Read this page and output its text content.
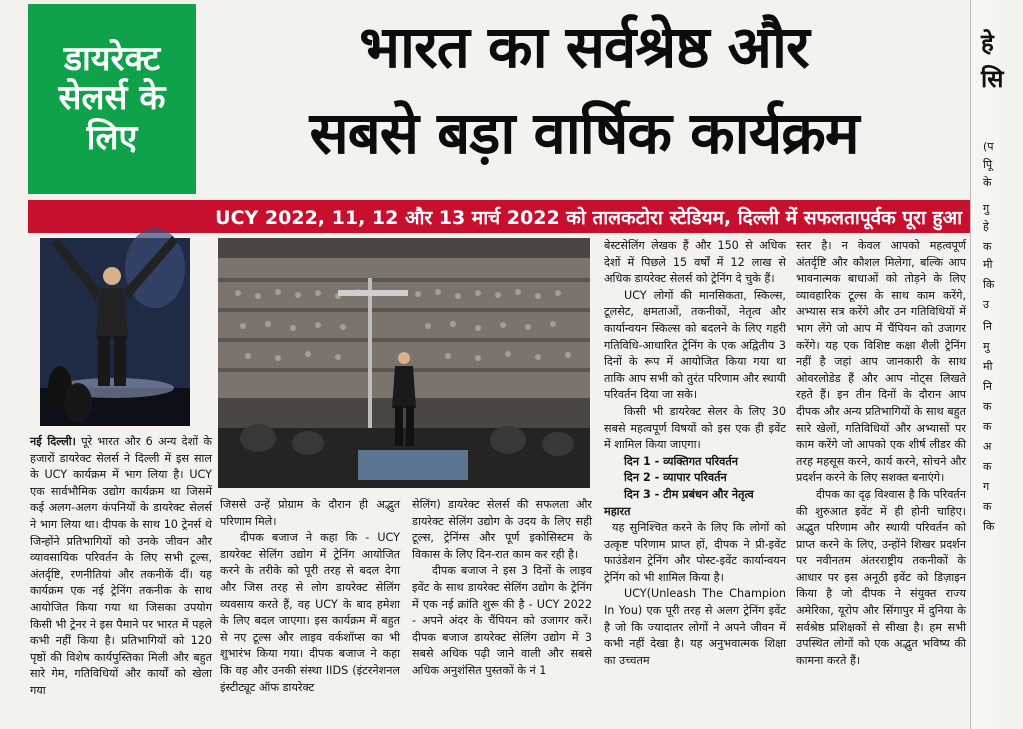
डायरेक्ट
सेलर्स के
लिए
भारत का सर्वश्रेष्ठ और
सबसे बड़ा वार्षिक कार्यक्रम
हे
सि
(प
पूि
के
गु
हे
क
मी
कि
उ
नि
मु
मी
नि
क
क
अ
क
ग
क
कि
UCY 2022, 11, 12 और 13 मार्च 2022 को तालकटोरा स्टेडियम, दिल्ली में सफलतापूर्वक पूरा हुआ

नई दिल्ली। पूरे भारत और 6 अन्य देशों के हजारों डायरेक्ट सेलर्स ने दिल्ली में इस साल के UCY कार्यक्रम में भाग लिया है। UCY एक सार्वभौमिक उद्योग कार्यक्रम था जिसमें कई अलग-अलग कंपनियों के डायरेक्ट सेलर्स ने भाग लिया था। दीपक के साथ 10 ट्रेनर्स थे जिन्होंने प्रतिभागियों को उनके जीवन और व्यावसायिक परिवर्तन के लिए सभी टूल्स, अंतर्दृष्टि, रणनीतियां और तकनीकें दीं। यह कार्यक्रम एक नई ट्रेनिंग तकनीक के साथ आयोजित किया गया था जिसका उपयोग किसी भी ट्रेनर ने इस पैमाने पर भारत में पहले कभी नहीं किया है। प्रतिभागियों को 120 पृष्ठों की विशेष कार्यपुस्तिका मिली और बहुत सारे गेम, गतिविधियों और कार्यों को खेला गया

जिससे उन्हें प्रोग्राम के दौरान ही अद्भुत परिणाम मिले।

दीपक बजाज ने कहा कि - UCY डायरेक्ट सेलिंग उद्योग में ट्रेनिंग आयोजित करने के तरीके को पूरी तरह से बदल देगा और जिस तरह से लोग डायरेक्ट सेलिंग व्यवसाय करते हैं, वह UCY के बाद हमेशा के लिए बदल जाएगा। इस कार्यक्रम में बहुत से नए टूल्स और लाइव वर्कशॉप्स का भी शुभारंभ किया गया। दीपक बजाज ने कहा कि वह और उनकी संस्था IIDS (इंटरनेशनल इंस्टीट्यूट ऑफ डायरेक्ट

सेलिंग) डायरेक्ट सेलर्स की सफलता और डायरेक्ट सेलिंग उद्योग के उदय के लिए सही टूल्स, ट्रेनिंग्स और पूर्ण इकोसिस्टम के विकास के लिए दिन-रात काम कर रही है।

दीपक बजाज ने इस 3 दिनों के लाइव इवेंट के साथ डायरेक्ट सेलिंग उद्योग के ट्रेनिंग में एक नई क्रांति शुरू की है - UCY 2022 - अपने अंदर के चैंपियन को उजागर करें। दीपक बजाज डायरेक्ट सेलिंग उद्योग में 3 सबसे अधिक पढ़ी जाने वाली और सबसे अधिक अनुशंसित पुस्तकों के नं 1

बेस्टसेलिंग लेखक हैं और 150 से अधिक देशों में पिछले 15 वर्षों में 12 लाख से अधिक डायरेक्ट सेलर्स को ट्रेनिंग दे चुके हैं।

UCY लोगों की मानसिकता, स्किल्स, टूलसेट, क्षमताओं, तकनीकों, नेतृत्व और कार्यान्वयन स्किल्स को बदलने के लिए गहरी गतिविधि-आधारित ट्रेनिंग के एक अद्वितीय 3 दिनों के रूप में आयोजित किया गया था ताकि आप सभी को तुरंत परिणाम और स्थायी परिवर्तन दिया जा सके।

किसी भी डायरेक्ट सेलर के लिए 30 सबसे महत्वपूर्ण विषयों को इस एक ही इवेंट में शामिल किया जाएगा।

दिन 1 - व्यक्तिगत परिवर्तन
दिन 2 - व्यापार परिवर्तन
दिन 3 - टीम प्रबंधन और नेतृत्व

महारत

यह सुनिश्चित करने के लिए कि लोगों को उत्कृष्ट परिणाम प्राप्त हों, दीपक ने प्री-इवेंट फाउंडेशन ट्रेनिंग और पोस्ट-इवेंट कार्यान्वयन ट्रेनिंग को भी शामिल किया है।

UCY(Unleash The Champion In You) एक पूरी तरह से अलग ट्रेनिंग इवेंट है जो कि ज्यादातर लोगों ने अपने जीवन में कभी नहीं देखा है। यह अनुभवात्मक शिक्षा का उच्चतम

स्तर है। न केवल आपको महत्वपूर्ण अंतर्दृष्टि और कौशल मिलेगा, बल्कि आप भावनात्मक बाधाओं को तोड़ने के लिए व्यावहारिक टूल्स के साथ काम करेंगे, अभ्यास सत्र करेंगे और उन गतिविधियों में भाग लेंगे जो आप में चैंपियन को उजागर करेंगे। यह एक विशिष्ट कक्षा शैली ट्रेनिंग नहीं है जहां आप जानकारी के साथ ओवरलोडेड हैं और आप नोट्स लिखते रहते हैं। इन तीन दिनों के दौरान आप दीपक और अन्य प्रतिभागियों के साथ बहुत सारे खेलों, गतिविधियों और अभ्यासों पर काम करेंगे जो आपको एक शीर्ष लीडर की तरह महसूस करने, कार्य करने, सोचने और प्रदर्शन करने के लिए सशक्त बनाएंगे।

दीपक का दृढ़ विश्वास है कि परिवर्तन की शुरुआत इवेंट में ही होनी चाहिए। अद्भुत परिणाम और स्थायी परिवर्तन को प्राप्त करने के लिए, उन्होंने शिखर प्रदर्शन पर नवीनतम अंतरराष्ट्रीय तकनीकों के आधार पर इस अनूठी इवेंट को डिज़ाइन किया है जो दीपक ने संयुक्त राज्य अमेरिका, यूरोप और सिंगापुर में दुनिया के सर्वश्रेष्ठ प्रशिक्षकों से सीखा है। हम सभी उपस्थित लोगों को एक अद्भुत भविष्य की कामना करते हैं।
